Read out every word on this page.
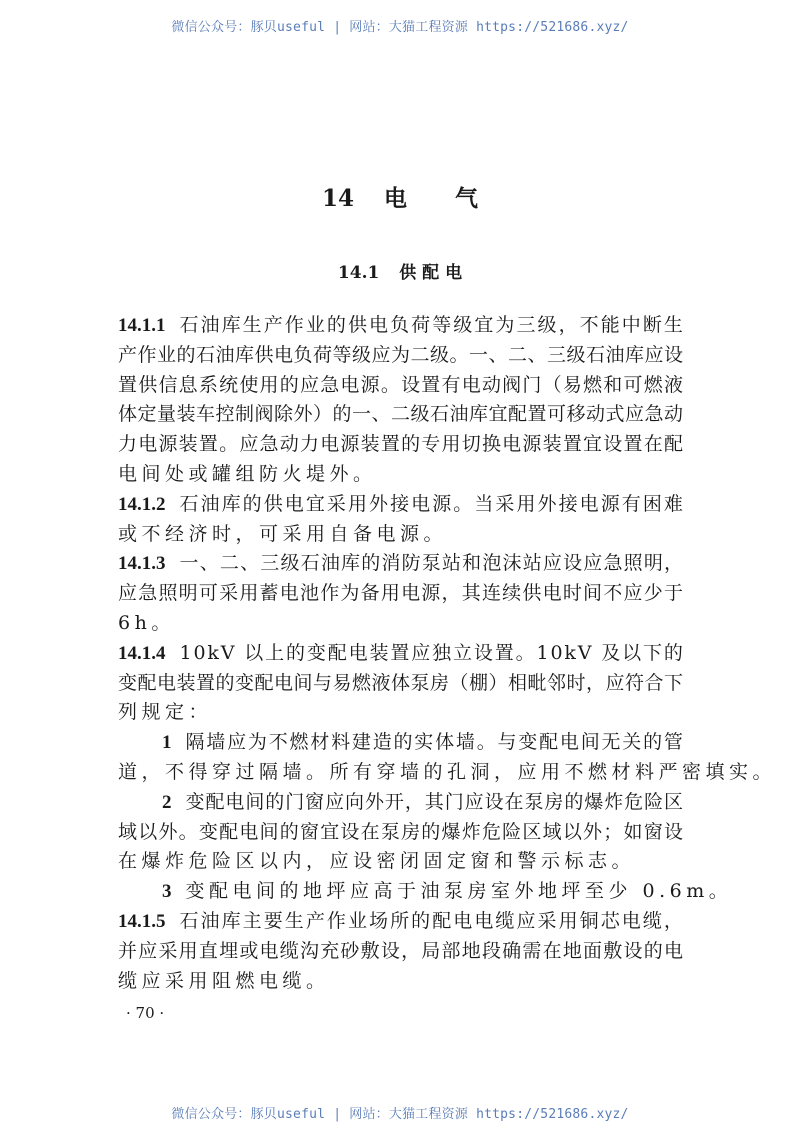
微信公众号：豚贝useful | 网站：大猫工程资源 https://521686.xyz/
14 电 气
14.1 供 配 电
14.1.1 石油库生产作业的供电负荷等级宜为三级，不能中断生
产作业的石油库供电负荷等级应为二级。一、二、三级石油库应设
置供信息系统使用的应急电源。设置有电动阀门（易燃和可燃液
体定量装车控制阀除外）的一、二级石油库宜配置可移动式应急动
力电源装置。应急动力电源装置的专用切换电源装置宜设置在配
电间处或罐组防火堤外。
14.1.2 石油库的供电宜采用外接电源。当采用外接电源有困难
或不经济时，可采用自备电源。
14.1.3 一、二、三级石油库的消防泵站和泡沫站应设应急照明，
应急照明可采用蓄电池作为备用电源，其连续供电时间不应少于
6h。
14.1.4 10kV 以上的变配电装置应独立设置。10kV 及以下的
变配电装置的变配电间与易燃液体泵房（棚）相毗邻时，应符合下
列规定：
1 隔墙应为不燃材料建造的实体墙。与变配电间无关的管
道，不得穿过隔墙。所有穿墙的孔洞，应用不燃材料严密填实。
2 变配电间的门窗应向外开，其门应设在泵房的爆炸危险区
域以外。变配电间的窗宜设在泵房的爆炸危险区域以外；如窗设
在爆炸危险区以内，应设密闭固定窗和警示标志。
3 变配电间的地坪应高于油泵房室外地坪至少 0.6m。
14.1.5 石油库主要生产作业场所的配电电缆应采用铜芯电缆，
并应采用直埋或电缆沟充砂敷设，局部地段确需在地面敷设的电
缆应采用阻燃电缆。
· 70 ·
微信公众号：豚贝useful | 网站：大猫工程资源 https://521686.xyz/
